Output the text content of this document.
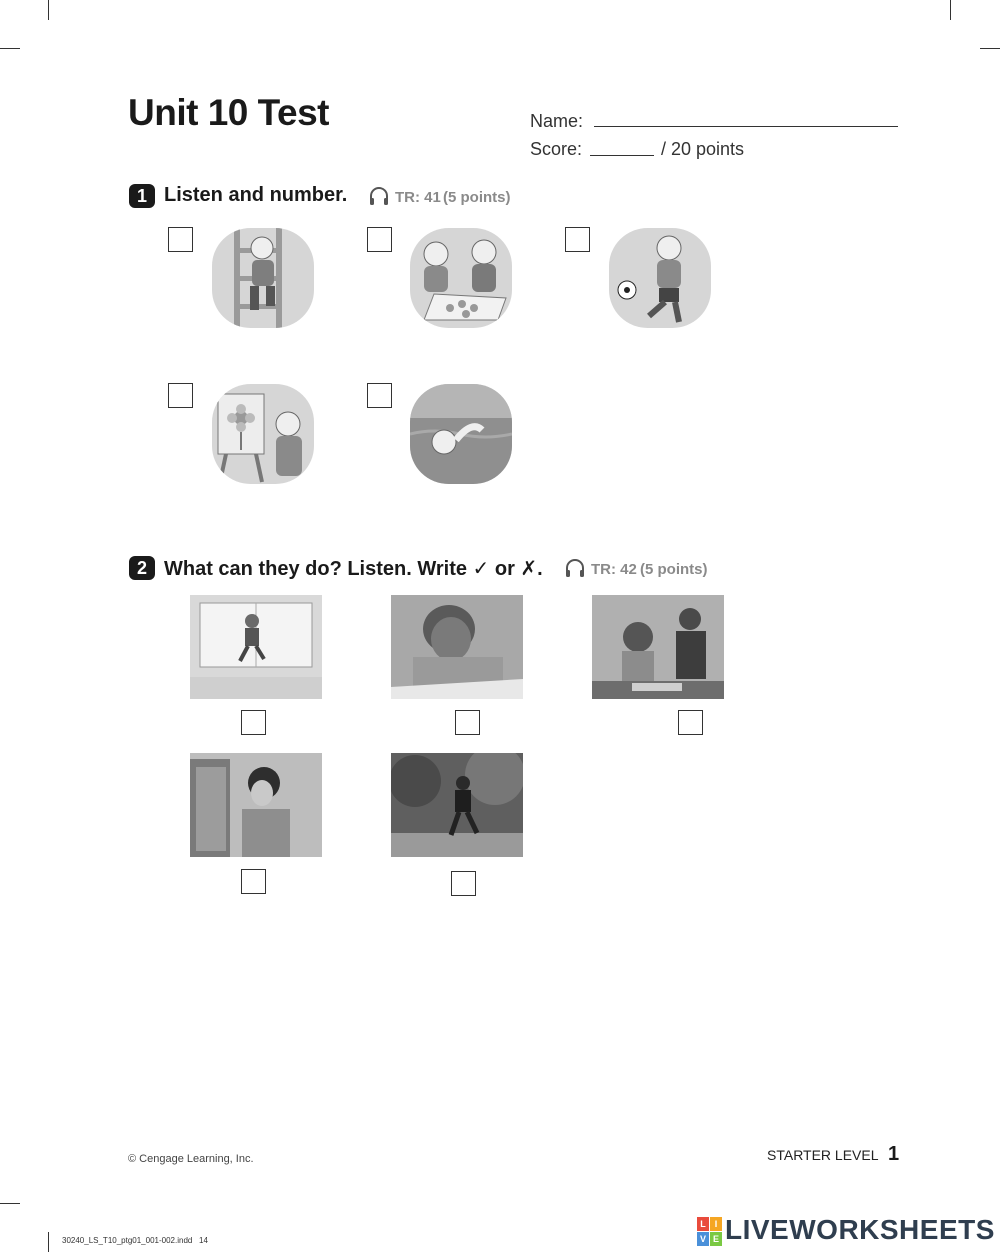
Unit 10 Test	Name:
Score:	/ 20 points
1 Listen and number.	TR: 41 (5 points)
2 What can they do? Listen. Write ✓ or ✗.	TR: 42 (5 points)
© Cengage Learning, Inc.	STARTER LEVEL 1
30240_LS_T10_ptg01_001-002.indd   14
L I
V E LIVEWORKSHEETS
